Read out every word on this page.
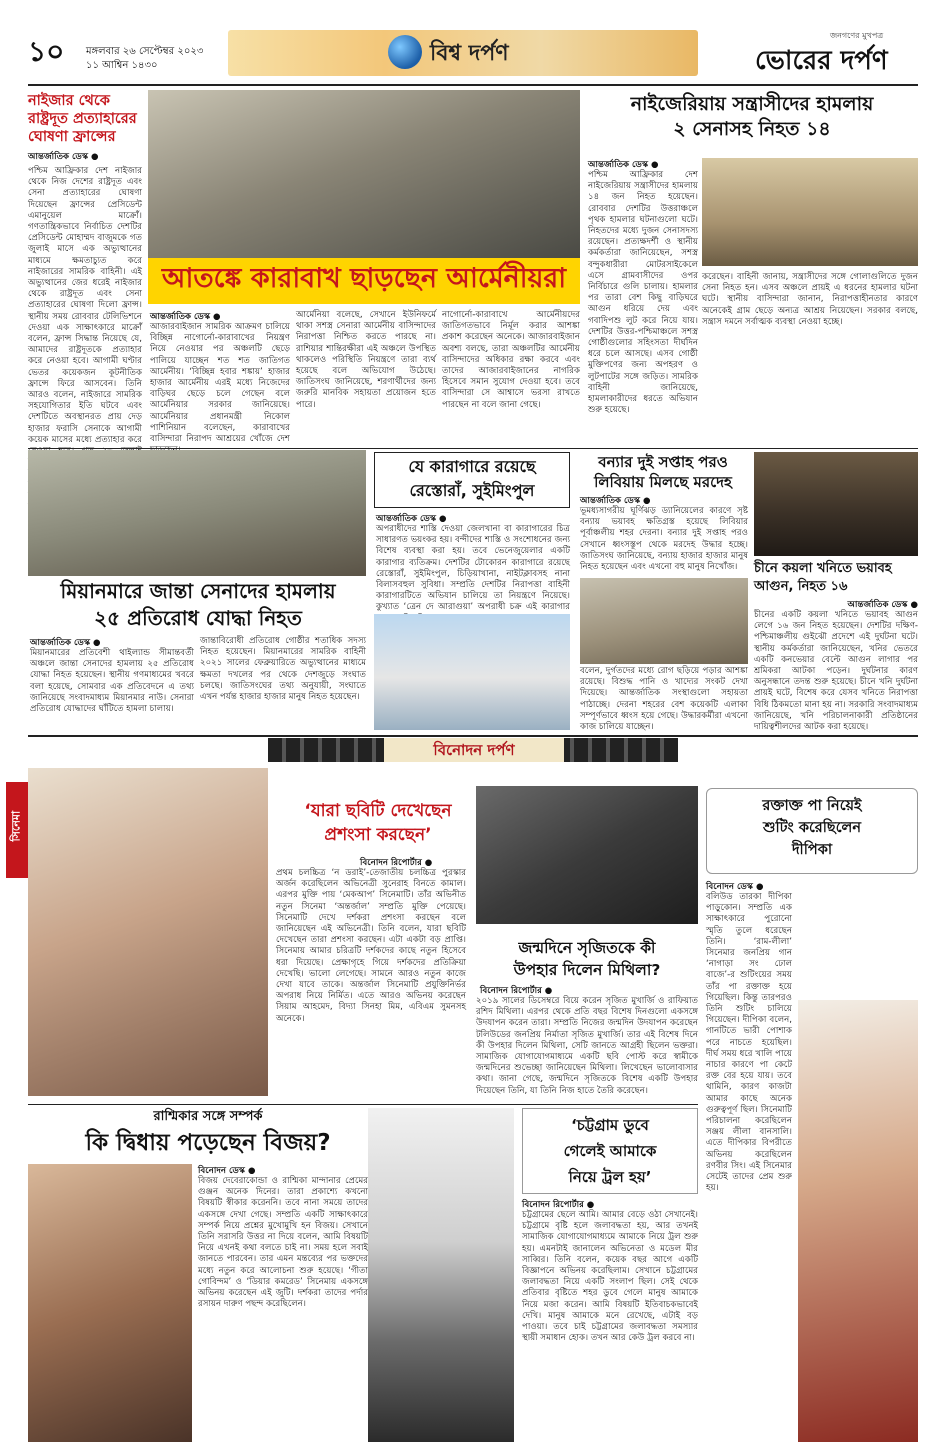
১০ মঙ্গলবার ২৬ সেপ্টেম্বর ২০২৩
১১ আশ্বিন ১৪৩০	বিশ্ব দর্পণ
জনগণের মুখপত্র
ভোরের দর্পণ
নাইজার থেকে রাষ্ট্রদূত প্রত্যাহারের ঘোষণা ফ্রান্সের
আন্তর্জাতিক ডেস্ক ●
পশ্চিম আফ্রিকার দেশ নাইজার থেকে নিজ দেশের রাষ্ট্রদূত এবং সেনা প্রত্যাহারের ঘোষণা দিয়েছেন ফ্রান্সের প্রেসিডেন্ট এমানুয়েল মাক্রোঁ। গণতান্ত্রিকভাবে নির্বাচিত দেশটির প্রেসিডেন্ট মোহাম্মদ বাজুমকে গত জুলাই মাসে এক অভ্যুত্থানের মাধ্যমে ক্ষমতাচ্যুত করে নাইজারের সামরিক বাহিনী। এই অভ্যুত্থানের জের ধরেই নাইজার থেকে রাষ্ট্রদূত এবং সেনা প্রত্যাহারের ঘোষণা দিলো ফ্রান্স। স্থানীয় সময় রোববার টেলিভিশনে দেওয়া এক সাক্ষাৎকারে মাক্রোঁ বলেন, ফ্রান্স সিদ্ধান্ত নিয়েছে যে, আমাদের রাষ্ট্রদূতকে প্রত্যাহার করে নেওয়া হবে। আগামী ঘণ্টার ভেতর কয়েকজন কূটনীতিক ফ্রান্সে ফিরে আসবেন। তিনি আরও বলেন, নাইজারে সামরিক সহযোগিতার ইতি ঘটবে এবং দেশটিতে অবস্থানরত প্রায় দেড় হাজার ফরাসি সেনাকে আগামী কয়েক মাসের মধ্যে প্রত্যাহার করে
আতঙ্কে কারাবাখ ছাড়ছেন আর্মেনীয়রা
আন্তর্জাতিক ডেস্ক ●
আজারবাইজান সামরিক আক্রমণ চালিয়ে বিচ্ছিন্ন নাগোর্নো-কারাবাখের নিয়ন্ত্রণ নিয়ে নেওয়ার পর অঞ্চলটি ছেড়ে পালিয়ে যাচ্ছেন শত শত জাতিগত আর্মেনীয়। ‘বিচ্ছিন্ন হবার শঙ্কায়’ হাজার হাজার আর্মেনীয় এরই মধ্যে নিজেদের বাড়িঘর ছেড়ে চলে গেছেন বলে আর্মেনিয়ার সরকার জানিয়েছে। আর্মেনিয়ার প্রধানমন্ত্রী নিকোল পাশিনিয়ান বলেছেন, কারাবাখের বাসিন্দারা নিরাপদ আশ্রয়ের খোঁজে দেশ
আর্মেনিয়া বলেছে, সেখানে ইউনিফর্মে থাকা সশস্ত্র সেনারা আর্মেনীয় বাসিন্দাদের নিরাপত্তা নিশ্চিত করতে পারছে না। রাশিয়ার শান্তিরক্ষীরা এই অঞ্চলে উপস্থিত থাকলেও পরিস্থিতি নিয়ন্ত্রণে তারা ব্যর্থ হয়েছে বলে অভিযোগ উঠেছে। জাতিসংঘ জানিয়েছে, শরণার্থীদের জন্য জরুরি মানবিক সহায়তা প্রয়োজন হতে পারে।
নাগোর্নো-কারাবাখে আর্মেনীয়দের জাতিগতভাবে নির্মূল করার আশঙ্কা প্রকাশ করেছেন অনেকে। আজারবাইজান অবশ্য বলছে, তারা অঞ্চলটির আর্মেনীয় বাসিন্দাদের অধিকার রক্ষা করবে এবং তাদের আজারবাইজানের নাগরিক হিসেবে সমান সুযোগ দেওয়া হবে। তবে বাসিন্দারা সে আশ্বাসে ভরসা রাখতে পারছেন না বলে জানা গেছে।
নাইজেরিয়ায় সন্ত্রাসীদের হামলায়
২ সেনাসহ নিহত ১৪
আন্তর্জাতিক ডেস্ক ●
পশ্চিম আফ্রিকার দেশ নাইজেরিয়ায় সন্ত্রাসীদের হামলায় ১৪ জন নিহত হয়েছেন। রোববার দেশটির উত্তরাঞ্চলে পৃথক হামলার ঘটনাগুলো ঘটে। নিহতদের মধ্যে দুজন সেনাসদস্য রয়েছেন। প্রত্যক্ষদর্শী ও স্থানীয় কর্মকর্তারা জানিয়েছেন, সশস্ত্র বন্দুকধারীরা মোটরসাইকেলে এসে গ্রামবাসীদের ওপর নির্বিচারে গুলি চালায়। হামলার পর তারা বেশ কিছু বাড়িঘরে আগুন ধরিয়ে দেয় এবং গবাদিপশু লুট করে নিয়ে যায়। দেশটির উত্তর-পশ্চিমাঞ্চলে সশস্ত্র গোষ্ঠীগুলোর সহিংসতা দীর্ঘদিন ধরে চলে আসছে। এসব গোষ্ঠী মুক্তিপণের জন্য অপহরণ ও লুটপাটের সঙ্গে জড়িত। সামরিক বাহিনী জানিয়েছে, হামলাকারীদের ধরতে অভিযান শুরু হয়েছে।
করেছেন। বাহিনী জানায়, সন্ত্রাসীদের সঙ্গে গোলাগুলিতে দুজন সেনা নিহত হন। এসব অঞ্চলে প্রায়ই এ ধরনের হামলার ঘটনা ঘটে। স্থানীয় বাসিন্দারা জানান, নিরাপত্তাহীনতার কারণে অনেকেই গ্রাম ছেড়ে অন্যত্র আশ্রয় নিয়েছেন। সরকার বলছে, সন্ত্রাস দমনে সর্বাত্মক ব্যবস্থা নেওয়া হচ্ছে।
মিয়ানমারে জান্তা সেনাদের হামলায়
২৫ প্রতিরোধ যোদ্ধা নিহত
আন্তর্জাতিক ডেস্ক ●
মিয়ানমারের প্রতিবেশী থাইল্যান্ড সীমান্তবর্তী অঞ্চলে জান্তা সেনাদের হামলায় ২৫ প্রতিরোধ যোদ্ধা নিহত হয়েছেন। স্থানীয় গণমাধ্যমের খবরে বলা হয়েছে, সোমবার এক প্রতিবেদনে এ তথ্য জানিয়েছে সংবাদমাধ্যম মিয়ানমার নাউ। সেনারা প্রতিরোধ যোদ্ধাদের ঘাঁটিতে হামলা চালায়।
জান্তাবিরোধী প্রতিরোধ গোষ্ঠীর শতাধিক সদস্য নিহত হয়েছেন। মিয়ানমারের সামরিক বাহিনী ২০২১ সালের ফেব্রুয়ারিতে অভ্যুত্থানের মাধ্যমে ক্ষমতা দখলের পর থেকে দেশজুড়ে সংঘাত চলছে। জাতিসংঘের তথ্য অনুযায়ী, সংঘাতে এখন পর্যন্ত হাজার হাজার মানুষ নিহত হয়েছেন।
যে কারাগারে রয়েছে
রেস্তোরাঁ, সুইমিংপুল
আন্তর্জাতিক ডেস্ক ●
অপরাধীদের শাস্তি দেওয়া জেলখানা বা কারাগারের চিত্র সাধারণত ভয়ংকর হয়। বন্দীদের শাস্তি ও সংশোধনের জন্য বিশেষ ব্যবস্থা করা হয়। তবে ভেনেজুয়েলার একটি কারাগার ব্যতিক্রম। দেশটির টোকোরন কারাগারে রয়েছে রেস্তোরাঁ, সুইমিংপুল, চিড়িয়াখানা, নাইটক্লাবসহ নানা বিলাসবহুল সুবিধা। সম্প্রতি দেশটির নিরাপত্তা বাহিনী কারাগারটিতে অভিযান চালিয়ে তা নিয়ন্ত্রণে নিয়েছে। কুখ্যাত ‘ত্রেন দে আরাগুয়া’ অপরাধী চক্র এই কারাগার
বন্যার দুই সপ্তাহ পরও
লিবিয়ায় মিলছে মরদেহ
আন্তর্জাতিক ডেস্ক ●
ভূমধ্যসাগরীয় ঘূর্ণিঝড় ড্যানিয়েলের কারণে সৃষ্ট বন্যায় ভয়াবহ ক্ষতিগ্রস্ত হয়েছে লিবিয়ার পূর্বাঞ্চলীয় শহর দেরনা। বন্যার দুই সপ্তাহ পরও সেখানে ধ্বংসস্তূপ থেকে মরদেহ উদ্ধার হচ্ছে। জাতিসংঘ জানিয়েছে, বন্যায় হাজার হাজার মানুষ নিহত হয়েছেন এবং এখনো বহু মানুষ নিখোঁজ।
বলেন, দুর্গতদের মধ্যে রোগ ছড়িয়ে পড়ার আশঙ্কা রয়েছে। বিশুদ্ধ পানি ও খাদ্যের সংকট দেখা দিয়েছে। আন্তর্জাতিক সংস্থাগুলো সহায়তা পাঠাচ্ছে। দেরনা শহরের বেশ কয়েকটি এলাকা সম্পূর্ণভাবে ধ্বংস হয়ে গেছে। উদ্ধারকর্মীরা এখনো কাজ চালিয়ে যাচ্ছেন।
চীনে কয়লা খনিতে ভয়াবহ
আগুন, নিহত ১৬
আন্তর্জাতিক ডেস্ক ●
চীনের একটি কয়লা খনিতে ভয়াবহ আগুন লেগে ১৬ জন নিহত হয়েছেন। দেশটির দক্ষিণ-পশ্চিমাঞ্চলীয় গুইঝৌ প্রদেশে এই দুর্ঘটনা ঘটে। স্থানীয় কর্মকর্তারা জানিয়েছেন, খনির ভেতরে একটি কনভেয়ার বেল্টে আগুন লাগার পর শ্রমিকরা আটকা পড়েন। দুর্ঘটনার কারণ অনুসন্ধানে তদন্ত শুরু হয়েছে। চীনে খনি দুর্ঘটনা প্রায়ই ঘটে, বিশেষ করে যেসব খনিতে নিরাপত্তা বিধি ঠিকমতো মানা হয় না। সরকারি সংবাদমাধ্যম জানিয়েছে, খনি পরিচালনাকারী প্রতিষ্ঠানের দায়িত্বশীলদের আটক করা হয়েছে।
বিনোদন দর্পণ
সিনেমা	‘যারা ছবিটি দেখেছেন
প্রশংসা করছেন’
বিনোদন রিপোর্টার ●
প্রথম চলচ্চিত্র ‘ন ডরাই’-তেজাতীয় চলচ্চিত্র পুরস্কার অর্জন করেছিলেন অভিনেত্রী সুনেরাহ বিনতে কামাল। এরপর মুক্তি পায় ‘মেকআপ’ সিনেমাটি। তাঁর অভিনীত নতুন সিনেমা ‘অন্তর্জাল’ সম্প্রতি মুক্তি পেয়েছে। সিনেমাটি দেখে দর্শকরা প্রশংসা করছেন বলে জানিয়েছেন এই অভিনেত্রী। তিনি বলেন, যারা ছবিটি দেখেছেন তারা প্রশংসা করছেন। এটা একটা বড় প্রাপ্তি। সিনেমায় আমার চরিত্রটি দর্শকদের কাছে নতুন হিসেবে ধরা দিয়েছে। প্রেক্ষাগৃহে গিয়ে দর্শকদের প্রতিক্রিয়া দেখেছি। ভালো লেগেছে। সামনে আরও নতুন কাজে দেখা যাবে তাকে। অন্তর্জাল সিনেমাটি প্রযুক্তিনির্ভর অপরাধ নিয়ে নির্মিত। এতে আরও অভিনয় করেছেন সিয়াম আহমেদ, বিদ্যা সিনহা মিম, এবিএম সুমনসহ অনেকে।
জন্মদিনে সৃজিতকে কী
উপহার দিলেন মিথিলা?
বিনোদন রিপোর্টার ●
২০১৯ সালের ডিসেম্বরে বিয়ে করেন সৃজিত মুখার্জি ও রাফিয়াত রশিদ মিথিলা। এরপর থেকে প্রতি বছর বিশেষ দিনগুলো একসঙ্গে উদযাপন করেন তারা। সম্প্রতি নিজের জন্মদিন উদযাপন করেছেন টলিউডের জনপ্রিয় নির্মাতা সৃজিত মুখার্জি। তার এই বিশেষ দিনে কী উপহার দিলেন মিথিলা, সেটি জানতে আগ্রহী ছিলেন ভক্তরা। সামাজিক যোগাযোগমাধ্যমে একটি ছবি পোস্ট করে স্বামীকে জন্মদিনের শুভেচ্ছা জানিয়েছেন মিথিলা। লিখেছেন ভালোবাসার কথা। জানা গেছে, জন্মদিনে সৃজিতকে বিশেষ একটি উপহার দিয়েছেন তিনি, যা তিনি নিজ হাতে তৈরি করেছেন।
রক্তাক্ত পা নিয়েই
শুটিং করেছিলেন
দীপিকা
বিনোদন ডেস্ক ●
বলিউড তারকা দীপিকা পাড়ুকোন। সম্প্রতি এক সাক্ষাৎকারে পুরোনো স্মৃতি তুলে ধরেছেন তিনি। ‘রাম-লীলা’ সিনেমার জনপ্রিয় গান ‘নাগাড়া সং ঢোল বাজে’-র শুটিংয়ের সময় তাঁর পা রক্তাক্ত হয়ে গিয়েছিল। কিন্তু তারপরও তিনি শুটিং চালিয়ে গিয়েছেন। দীপিকা বলেন, গানটিতে ভারী পোশাক পরে নাচতে হয়েছিল। দীর্ঘ সময় ধরে খালি পায়ে নাচার কারণে পা কেটে রক্ত বের হয়ে যায়। তবে থামিনি, কারণ কাজটা আমার কাছে অনেক গুরুত্বপূর্ণ ছিল। সিনেমাটি পরিচালনা করেছিলেন সঞ্জয় লীলা বানসালি। এতে দীপিকার বিপরীতে অভিনয় করেছিলেন রণবীর সিং। এই সিনেমার সেটেই তাদের প্রেম শুরু হয়।
রাশ্মিকার সঙ্গে সম্পর্ক
কি দ্বিধায় পড়েছেন বিজয়?
বিনোদন ডেস্ক ●
বিজয় দেবেরাকোন্ডা ও রাশ্মিকা মান্দানার প্রেমের গুঞ্জন অনেক দিনের। তারা প্রকাশ্যে কখনো বিষয়টি স্বীকার করেননি। তবে নানা সময়ে তাদের একসঙ্গে দেখা গেছে। সম্প্রতি একটি সাক্ষাৎকারে সম্পর্ক নিয়ে প্রশ্নের মুখোমুখি হন বিজয়। সেখানে তিনি সরাসরি উত্তর না দিয়ে বলেন, আমি বিষয়টি নিয়ে এখনই কথা বলতে চাই না। সময় হলে সবাই জানতে পারবেন। তার এমন মন্তব্যের পর ভক্তদের মধ্যে নতুন করে আলোচনা শুরু হয়েছে। ‘গীতা গোবিন্দম’ ও ‘ডিয়ার কমরেড’ সিনেমায় একসঙ্গে অভিনয় করেছেন এই জুটি। দর্শকরা তাদের পর্দার রসায়ন দারুণ পছন্দ করেছিলেন।
‘চট্টগ্রাম ডুবে
গেলেই আমাকে
নিয়ে ট্রল হয়’
বিনোদন রিপোর্টার ●
চট্টগ্রামের ছেলে আমি। আমার বেড়ে ওঠা সেখানেই। চট্টগ্রামে বৃষ্টি হলে জলাবদ্ধতা হয়, আর তখনই সামাজিক যোগাযোগমাধ্যমে আমাকে নিয়ে ট্রল শুরু হয়। এমনটাই জানালেন অভিনেতা ও মডেল মীর সাব্বির। তিনি বলেন, কয়েক বছর আগে একটি বিজ্ঞাপনে অভিনয় করেছিলাম। সেখানে চট্টগ্রামের জলাবদ্ধতা নিয়ে একটি সংলাপ ছিল। সেই থেকে প্রতিবার বৃষ্টিতে শহর ডুবে গেলে মানুষ আমাকে নিয়ে মজা করেন। আমি বিষয়টি ইতিবাচকভাবেই দেখি। মানুষ আমাকে মনে রেখেছে, এটাই বড় পাওয়া। তবে চাই চট্টগ্রামের জলাবদ্ধতা সমস্যার স্থায়ী সমাধান হোক। তখন আর কেউ ট্রল করবে না।
